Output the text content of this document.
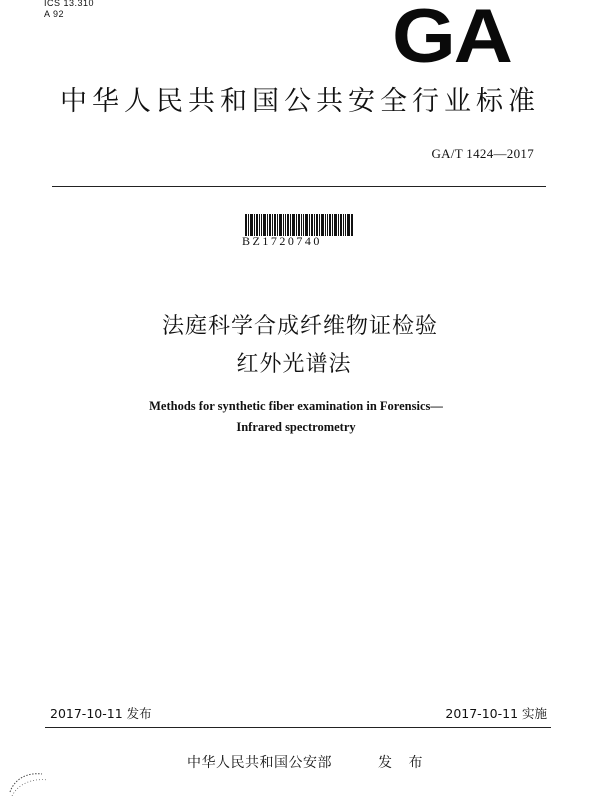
ICS 13.310
A 92	GA
中华人民共和国公共安全行业标准
GA/T 1424—2017
BZ1720740
法庭科学合成纤维物证检验
红外光谱法
Methods for synthetic fiber examination in Forensics—
Infrared spectrometry
2017-10-11 发布	2017-10-11 实施
中华人民共和国公安部	发 布
